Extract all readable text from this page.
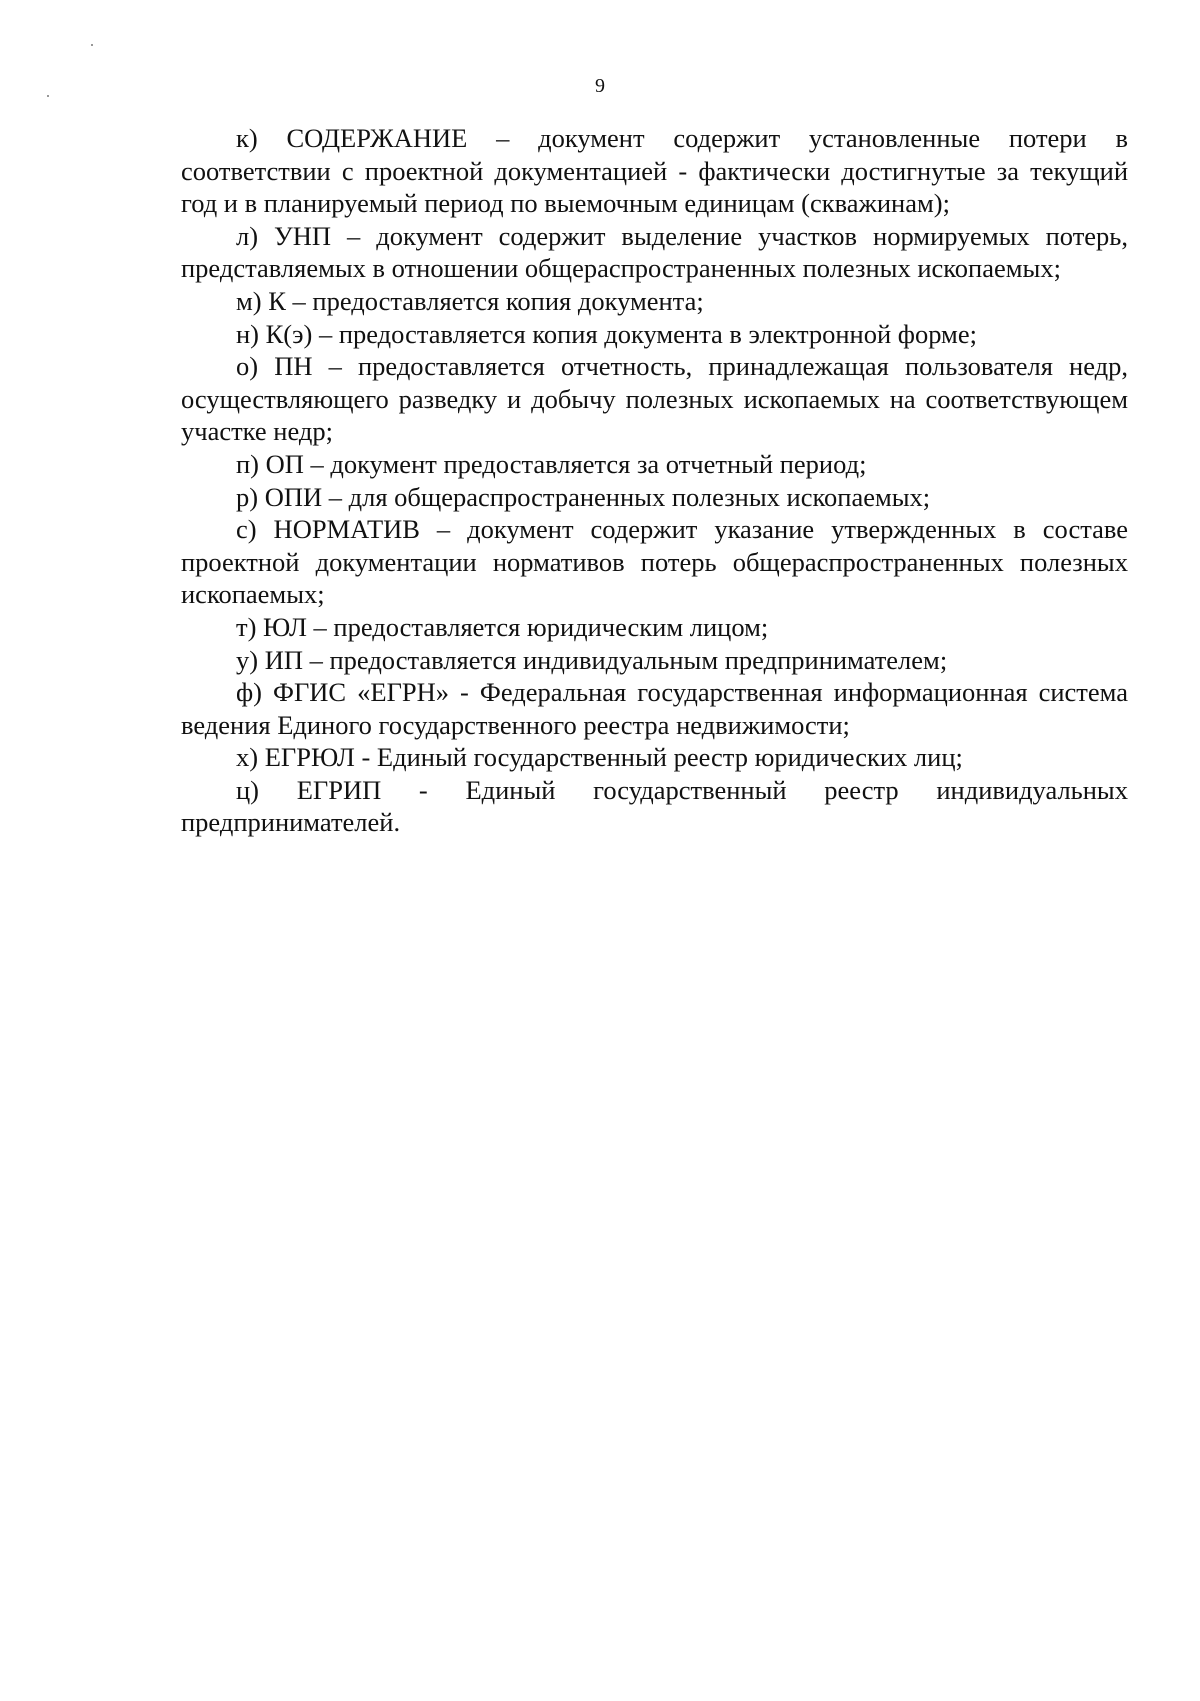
9

к) СОДЕРЖАНИЕ – документ содержит установленные потери в соответствии с проектной документацией - фактически достигнутые за текущий год и в планируемый период по выемочным единицам (скважинам);

л) УНП – документ содержит выделение участков нормируемых потерь, представляемых в отношении общераспространенных полезных ископаемых;

м) К – предоставляется копия документа;

н) К(э) – предоставляется копия документа в электронной форме;

о) ПН – предоставляется отчетность, принадлежащая пользователя недр, осуществляющего разведку и добычу полезных ископаемых на соответствующем участке недр;

п) ОП – документ предоставляется за отчетный период;

р) ОПИ – для общераспространенных полезных ископаемых;

с) НОРМАТИВ – документ содержит указание утвержденных в составе проектной документации нормативов потерь общераспространенных полезных ископаемых;

т) ЮЛ – предоставляется юридическим лицом;

у) ИП – предоставляется индивидуальным предпринимателем;

ф) ФГИС «ЕГРН» - Федеральная государственная информационная система ведения Единого государственного реестра недвижимости;

х) ЕГРЮЛ - Единый государственный реестр юридических лиц;

ц) ЕГРИП - Единый государственный реестр индивидуальных предпринимателей.
